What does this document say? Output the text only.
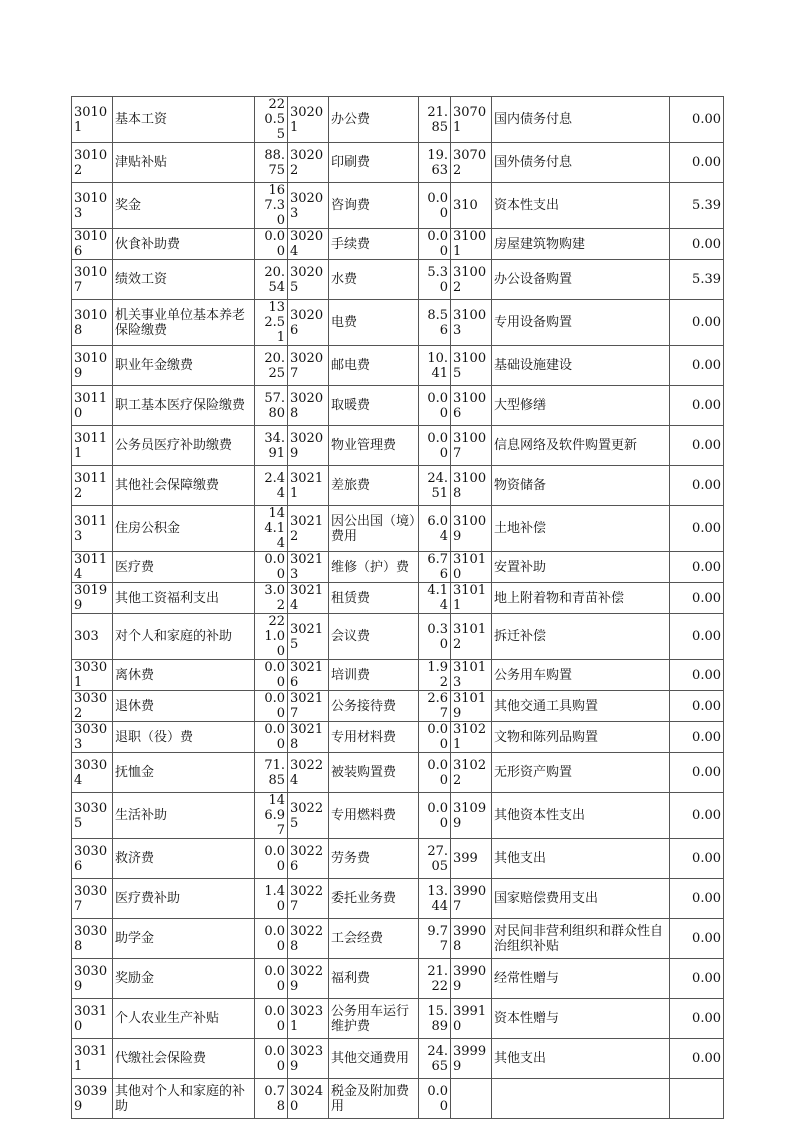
30101	基本工资	220.55	30201	办公费	21.85	30701	国内债务付息	0.00
30102	津贴补贴	88.75	30202	印刷费	19.63	30702	国外债务付息	0.00
30103	奖金	167.30	30203	咨询费	0.00	310	资本性支出	5.39
30106	伙食补助费	0.00	30204	手续费	0.00	31001	房屋建筑物购建	0.00
30107	绩效工资	20.54	30205	水费	5.30	31002	办公设备购置	5.39
30108	机关事业单位基本养老保险缴费	132.51	30206	电费	8.56	31003	专用设备购置	0.00
30109	职业年金缴费	20.25	30207	邮电费	10.41	31005	基础设施建设	0.00
30110	职工基本医疗保险缴费	57.80	30208	取暖费	0.00	31006	大型修缮	0.00
30111	公务员医疗补助缴费	34.91	30209	物业管理费	0.00	31007	信息网络及软件购置更新	0.00
30112	其他社会保障缴费	2.44	30211	差旅费	24.51	31008	物资储备	0.00
30113	住房公积金	144.14	30212	因公出国（境）费用	6.04	31009	土地补偿	0.00
30114	医疗费	0.00	30213	维修（护）费	6.76	31010	安置补助	0.00
30199	其他工资福利支出	3.02	30214	租赁费	4.14	31011	地上附着物和青苗补偿	0.00
303	对个人和家庭的补助	221.00	30215	会议费	0.30	31012	拆迁补偿	0.00
30301	离休费	0.00	30216	培训费	1.92	31013	公务用车购置	0.00
30302	退休费	0.00	30217	公务接待费	2.67	31019	其他交通工具购置	0.00
30303	退职（役）费	0.00	30218	专用材料费	0.00	31021	文物和陈列品购置	0.00
30304	抚恤金	71.85	30224	被装购置费	0.00	31022	无形资产购置	0.00
30305	生活补助	146.97	30225	专用燃料费	0.00	31099	其他资本性支出	0.00
30306	救济费	0.00	30226	劳务费	27.05	399	其他支出	0.00
30307	医疗费补助	1.40	30227	委托业务费	13.44	39907	国家赔偿费用支出	0.00
30308	助学金	0.00	30228	工会经费	9.77	39908	对民间非营利组织和群众性自治组织补贴	0.00
30309	奖励金	0.00	30229	福利费	21.22	39909	经常性赠与	0.00
30310	个人农业生产补贴	0.00	30231	公务用车运行维护费	15.89	39910	资本性赠与	0.00
30311	代缴社会保险费	0.00	30239	其他交通费用	24.65	39999	其他支出	0.00
30399	其他对个人和家庭的补助	0.78	30240	税金及附加费用	0.00			
